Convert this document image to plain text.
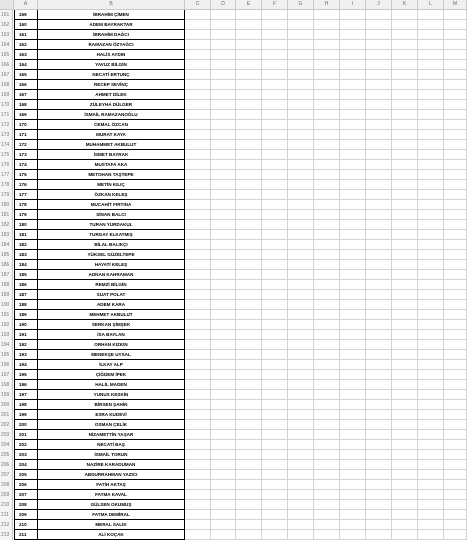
A	B	C	D	E	F	G	H	I	J	K	L	M
161	159	İBRAHİM ÇİMEN
162	160	ADEM BAYRAKTAR
163	161	İBRAHİM DAĞCI
164	162	RAMAZAN ÖZYAĞCI
165	163	HALİS AYDIN
166	164	YAVUZ BİLGİN
167	165	NECATİ ERTUNÇ
168	166	RECEP SEVİNÇ
169	167	AHMET DİLEK
170	168	ZÜLEYHA DÜLGER
171	169	İSMAİL RAMAZANOĞLU
172	170	CEMAL ÖZCAN
173	171	MURAT KAYA
174	172	MUHAMMET AKBULUT
175	173	İSMET BAYRAK
176	174	MUSTAFA AKA
177	175	METOHAN TAŞTEPE
178	176	METİN KILIÇ
179	177	ÖZKAN KELEŞ
180	178	MUCAHİT FIRTINA
181	179	SİNAN BALCI
182	180	TURAN YURDAKUL
183	181	TURGAY ELKATMIŞ
184	182	BİLAL BALIKÇI
185	183	YÜKSEL GÜZELTEPE
186	184	HAYATİ KELEŞ
187	185	ADNAN KAHRAMAN
188	186	REMZİ BİLGİN
189	187	SUAT POLAT
190	188	ADEM KARA
191	189	MEHMET AKBULUT
192	190	SERKAN ŞİMŞEK
193	191	İSA BAYLAN
194	192	ORHAN KIZKIN
195	193	MENEKŞE UYSAL
196	194	İLKAY ALP
197	195	ÇİĞDEM İPEK
198	196	HALİL MADEN
199	197	YUNUS KESKİN
200	198	BİRSEN ŞAHİN
201	199	ESRA KUDEVİ
202	200	OSMAN ÇELİK
203	201	NİZAMETTİN YAŞAR
204	202	NECATİ BAŞ
205	203	İSMAİL TORUN
206	204	NAZİRE KARADUMAN
207	205	ABDURRAHMAN YAZICI
208	206	FATİH AKTAŞ
209	207	FATMA KAVAL
210	208	GÜLSEN OKUMUŞ
211	209	FATMA DEMİRAL
212	210	MERAL SALIK
213	211	ALİ KOÇAK
